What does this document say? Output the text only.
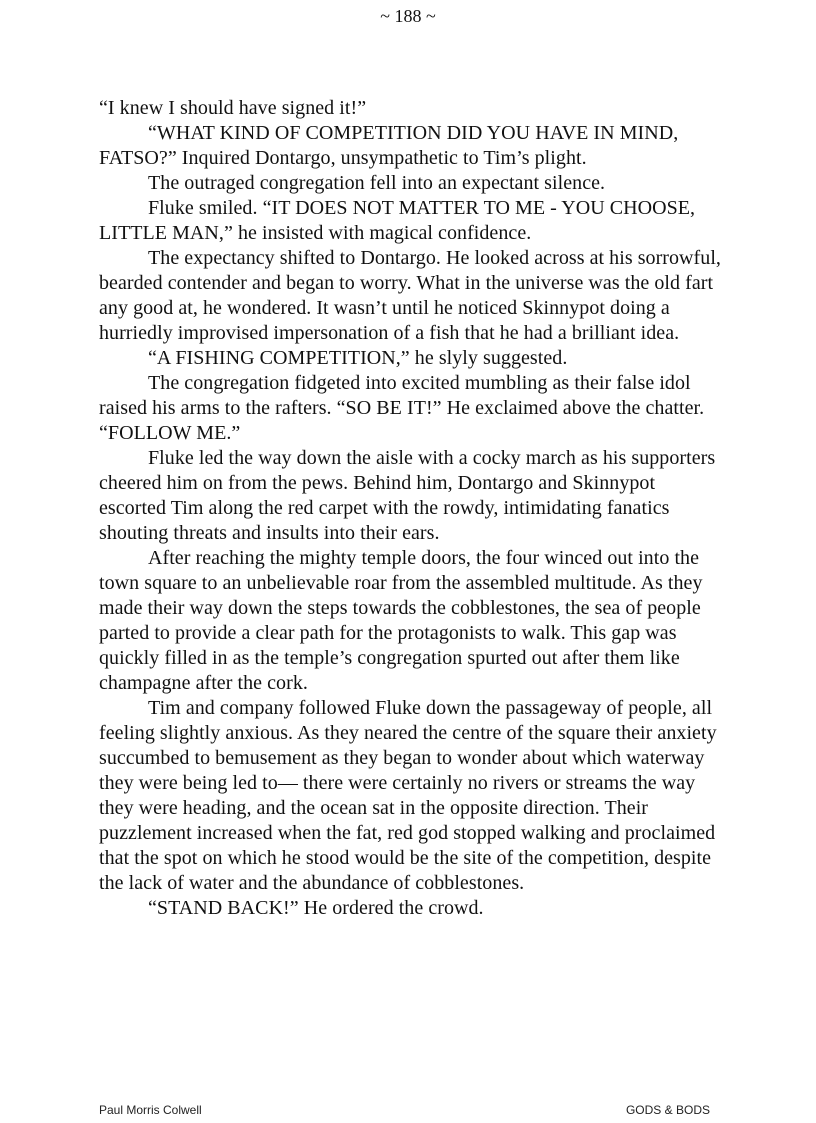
~ 188 ~

“I knew I should have signed it!”

“WHAT KIND OF COMPETITION DID YOU HAVE IN MIND, FATSO?” Inquired Dontargo, unsympathetic to Tim’s plight.

The outraged congregation fell into an expectant silence.

Fluke smiled. “IT DOES NOT MATTER TO ME - YOU CHOOSE, LITTLE MAN,” he insisted with magical confidence.

The expectancy shifted to Dontargo. He looked across at his sorrowful, bearded contender and began to worry. What in the universe was the old fart any good at, he wondered. It wasn’t until he noticed Skinnypot doing a hurriedly improvised impersonation of a fish that he had a brilliant idea.

“A FISHING COMPETITION,” he slyly suggested.

The congregation fidgeted into excited mumbling as their false idol raised his arms to the rafters. “SO BE IT!” He exclaimed above the chatter. “FOLLOW ME.”

Fluke led the way down the aisle with a cocky march as his supporters cheered him on from the pews. Behind him, Dontargo and Skinnypot escorted Tim along the red carpet with the rowdy, intimidating fanatics shouting threats and insults into their ears.

After reaching the mighty temple doors, the four winced out into the town square to an unbelievable roar from the assembled multitude. As they made their way down the steps towards the cobblestones, the sea of people parted to provide a clear path for the protagonists to walk. This gap was quickly filled in as the temple’s congregation spurted out after them like champagne after the cork.

Tim and company followed Fluke down the passageway of people, all feeling slightly anxious. As they neared the centre of the square their anxiety succumbed to bemusement as they began to wonder about which waterway they were being led to— there were certainly no rivers or streams the way they were heading, and the ocean sat in the opposite direction. Their puzzlement increased when the fat, red god stopped walking and proclaimed that the spot on which he stood would be the site of the competition, despite the lack of water and the abundance of cobblestones.

“STAND BACK!” He ordered the crowd.

Paul Morris Colwell	GODS & BODS
